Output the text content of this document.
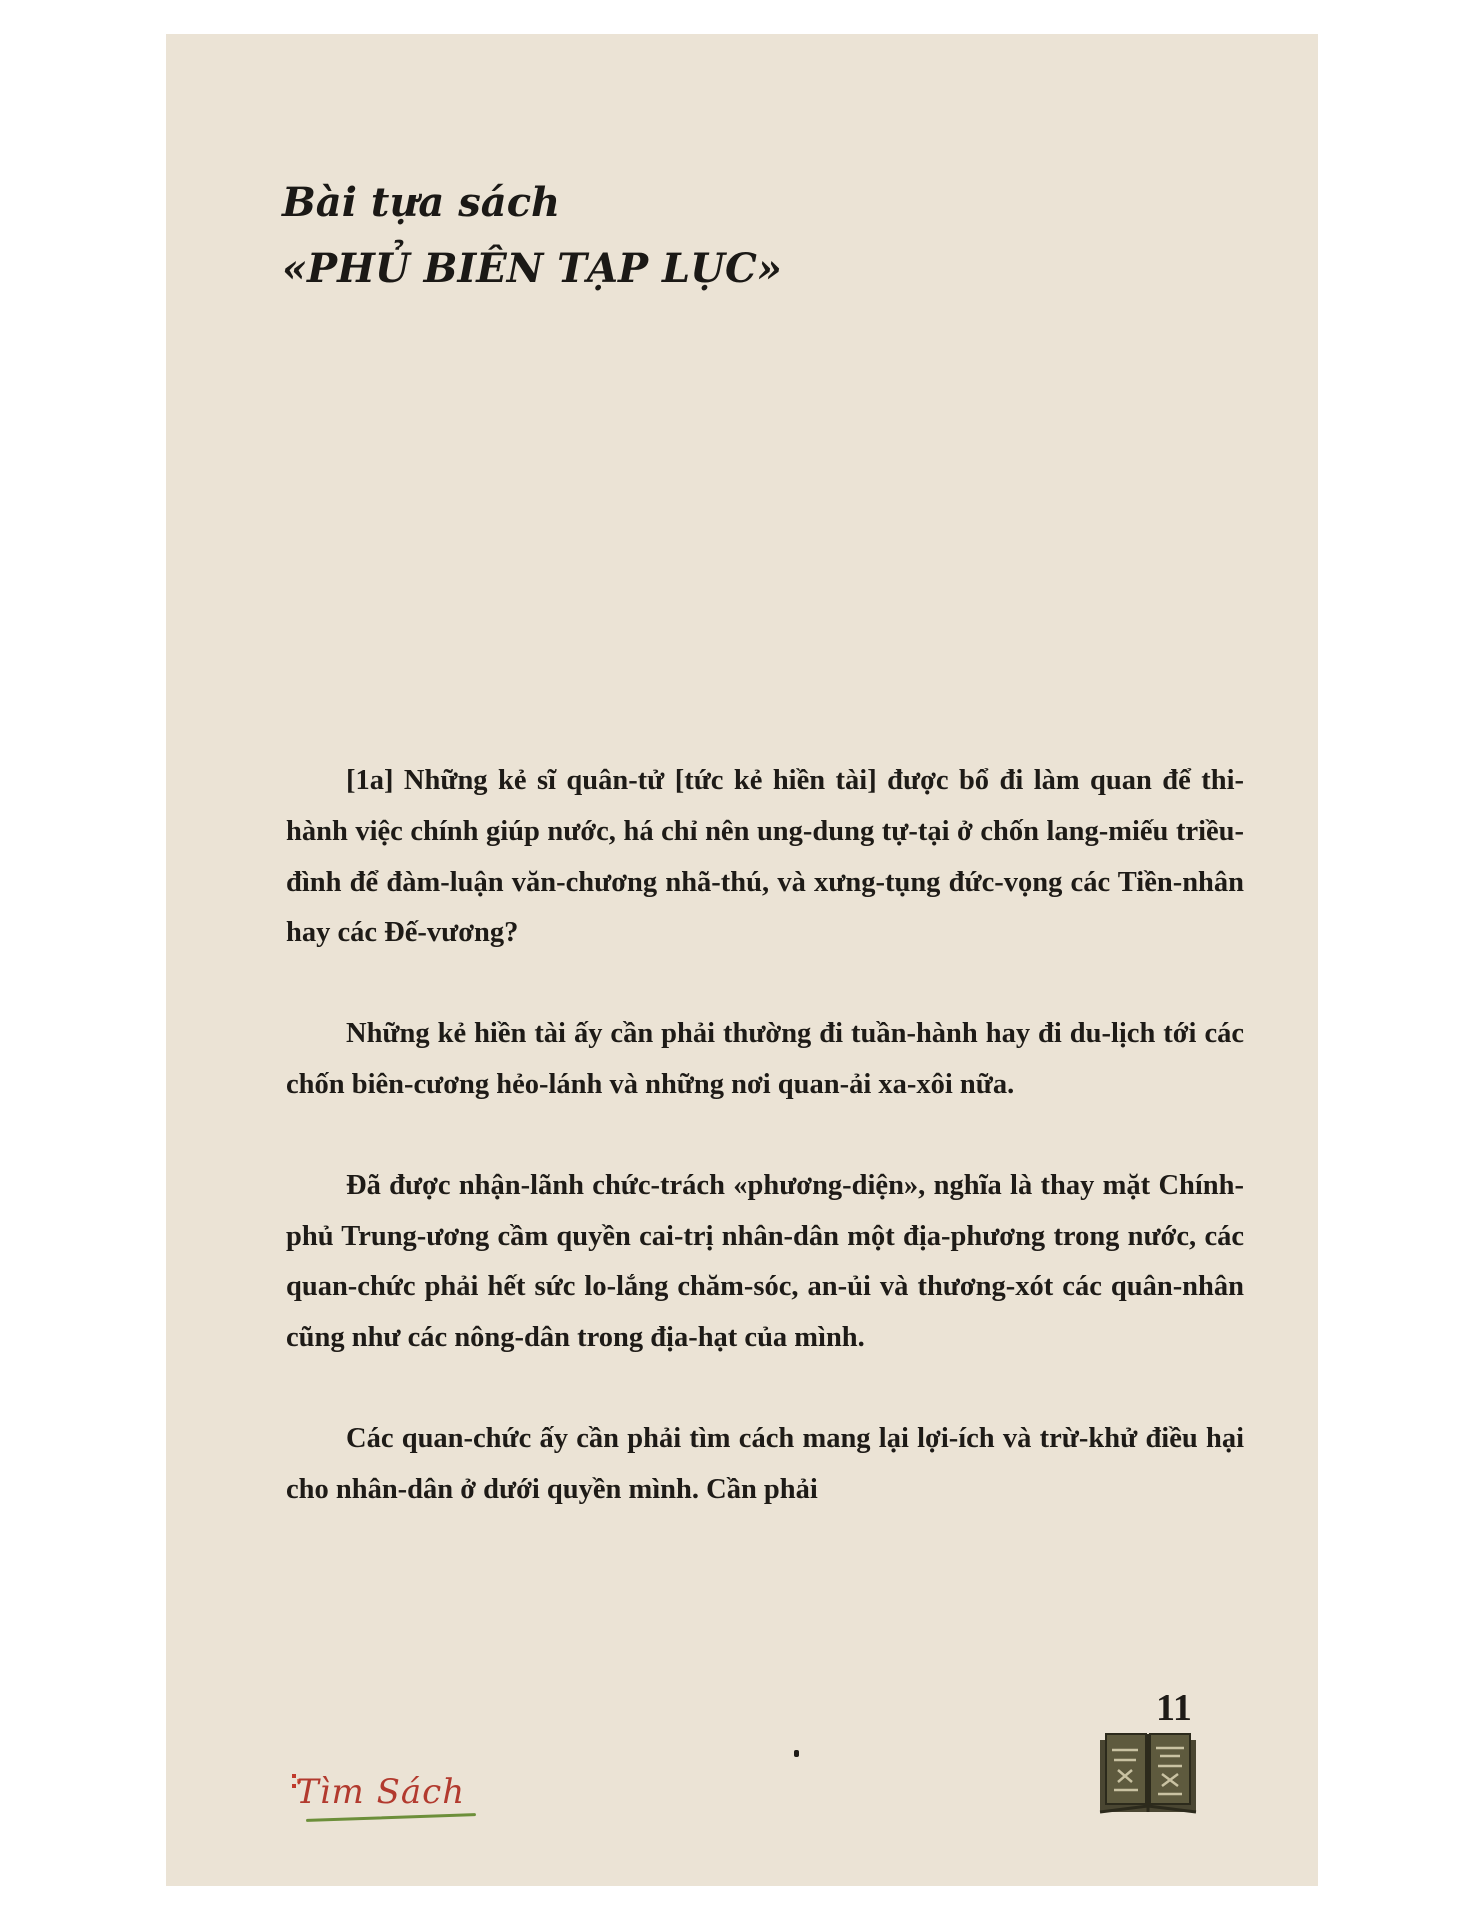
Bài tựa sách
«PHỦ BIÊN TẠP LỤC»

[1a] Những kẻ sĩ quân-tử [tức kẻ hiền tài] được bổ đi làm quan để thi-hành việc chính giúp nước, há chỉ nên ung-dung tự-tại ở chốn lang-miếu triều-đình để đàm-luận văn-chương nhã-thú, và xưng-tụng đức-vọng các Tiền-nhân hay các Đế-vương?

Những kẻ hiền tài ấy cần phải thường đi tuần-hành hay đi du-lịch tới các chốn biên-cương hẻo-lánh và những nơi quan-ải xa-xôi nữa.

Đã được nhận-lãnh chức-trách «phương-diện», nghĩa là thay mặt Chính-phủ Trung-ương cầm quyền cai-trị nhân-dân một địa-phương trong nước, các quan-chức phải hết sức lo-lắng chăm-sóc, an-ủi và thương-xót các quân-nhân cũng như các nông-dân trong địa-hạt của mình.

Các quan-chức ấy cần phải tìm cách mang lại lợi-ích và trừ-khử điều hại cho nhân-dân ở dưới quyền mình. Cần phải

11
Tìm Sách
